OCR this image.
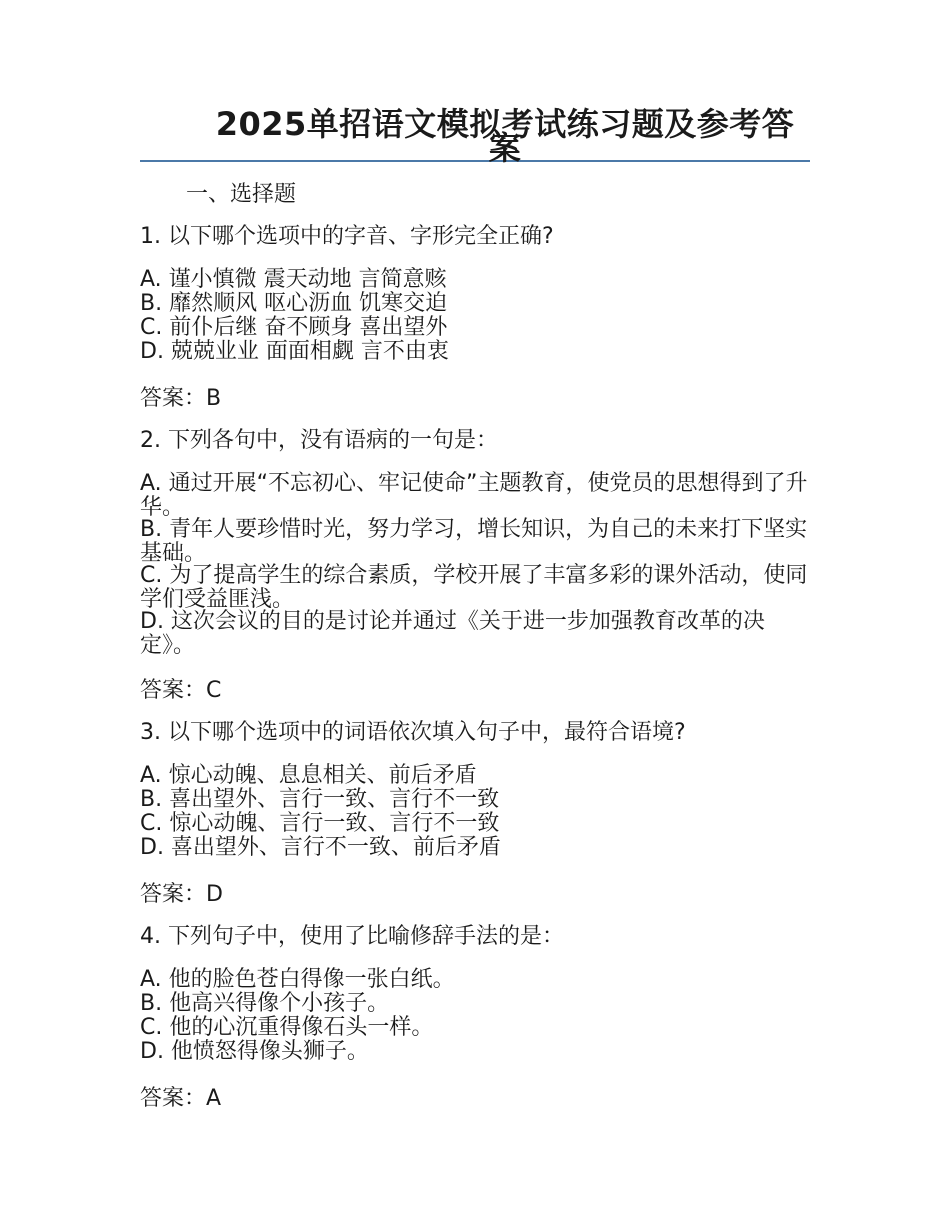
2025单招语文模拟考试练习题及参考答案
一、选择题
1. 以下哪个选项中的字音、字形完全正确?
A. 谨小慎微 震天动地 言简意赅
B. 靡然顺风 呕心沥血 饥寒交迫
C. 前仆后继 奋不顾身 喜出望外
D. 兢兢业业 面面相觑 言不由衷
答案：B
2. 下列各句中，没有语病的一句是：
A. 通过开展“不忘初心、牢记使命”主题教育，使党员的思想得到了升华。
B. 青年人要珍惜时光，努力学习，增长知识，为自己的未来打下坚实基础。
C. 为了提高学生的综合素质，学校开展了丰富多彩的课外活动，使同学们受益匪浅。
D. 这次会议的目的是讨论并通过《关于进一步加强教育改革的决定》。
答案：C
3. 以下哪个选项中的词语依次填入句子中，最符合语境?
A. 惊心动魄、息息相关、前后矛盾
B. 喜出望外、言行一致、言行不一致
C. 惊心动魄、言行一致、言行不一致
D. 喜出望外、言行不一致、前后矛盾
答案：D
4. 下列句子中，使用了比喻修辞手法的是：
A. 他的脸色苍白得像一张白纸。
B. 他高兴得像个小孩子。
C. 他的心沉重得像石头一样。
D. 他愤怒得像头狮子。
答案：A
